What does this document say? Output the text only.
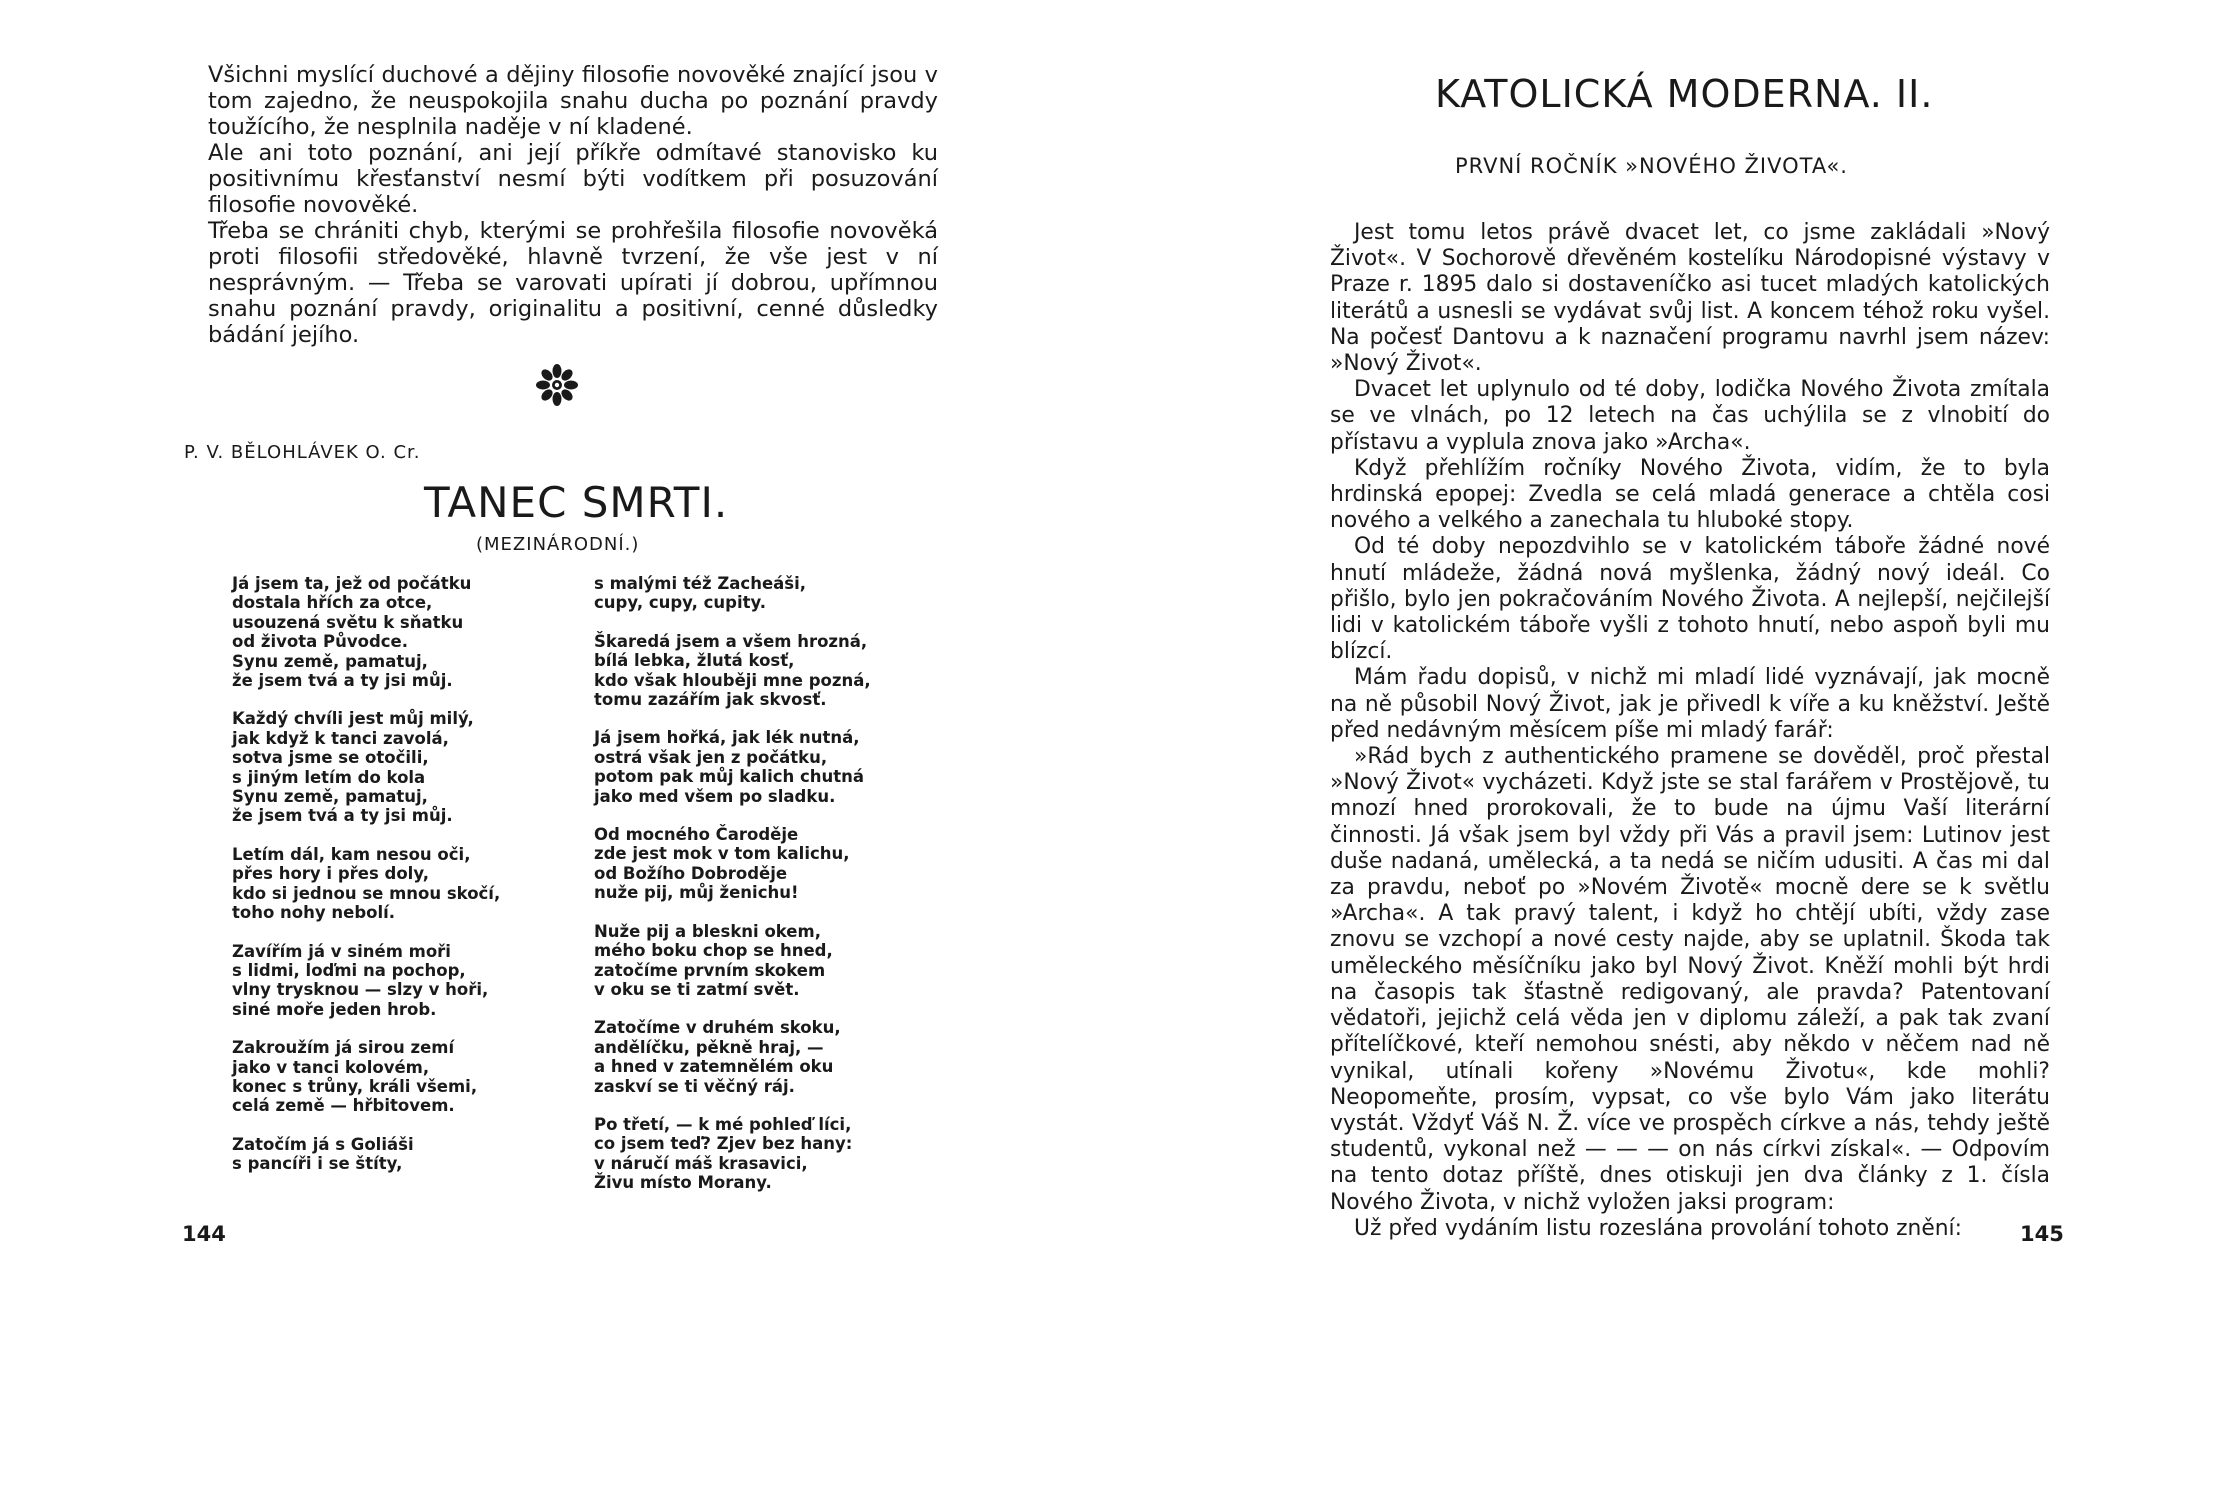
Všichni myslící duchové a dějiny filosofie novověké znající jsou v tom zajedno, že neuspokojila snahu ducha po poznání pravdy toužícího, že nesplnila naděje v ní kladené.

Ale ani toto poznání, ani její příkře odmítavé stanovisko ku positivnímu křesťanství nesmí býti vodítkem při posuzování filosofie novověké.

Třeba se chrániti chyb, kterými se prohřešila filosofie novověká proti filosofii středověké, hlavně tvrzení, že vše jest v ní nesprávným. — Třeba se varovati upírati jí dobrou, upřímnou snahu poznání pravdy, originalitu a positivní, cenné důsledky bádání jejího.

P. V. BĚLOHLÁVEK O. Cr.
TANEC SMRTI.
(MEZINÁRODNÍ.)
Já jsem ta, jež od počátku
dostala hřích za otce,
usouzená světu k sňatku
od života Původce.
Synu země, pamatuj,
že jsem tvá a ty jsi můj.
Každý chvíli jest můj milý,
jak když k tanci zavolá,
sotva jsme se otočili,
s jiným letím do kola
Synu země, pamatuj,
že jsem tvá a ty jsi můj.
Letím dál, kam nesou oči,
přes hory i přes doly,
kdo si jednou se mnou skočí,
toho nohy nebolí.
Zavířím já v siném moři
s lidmi, loďmi na pochop,
vlny trysknou — slzy v hoři,
siné moře jeden hrob.
Zakroužím já sirou zemí
jako v tanci kolovém,
konec s trůny, králi všemi,
celá země — hřbitovem.
Zatočím já s Goliáši
s pancíři i se štíty,
s malými též Zacheáši,
cupy, cupy, cupity.
Škaredá jsem a všem hrozná,
bílá lebka, žlutá kosť,
kdo však hlouběji mne pozná,
tomu zazářím jak skvosť.
Já jsem hořká, jak lék nutná,
ostrá však jen z počátku,
potom pak můj kalich chutná
jako med všem po sladku.
Od mocného Čaroděje
zde jest mok v tom kalichu,
od Božího Dobroděje
nuže pij, můj ženichu!
Nuže pij a bleskni okem,
mého boku chop se hned,
zatočíme prvním skokem
v oku se ti zatmí svět.
Zatočíme v druhém skoku,
andělíčku, pěkně hraj, —
a hned v zatemnělém oku
zaskví se ti věčný ráj.
Po třetí, — k mé pohleď líci,
co jsem teď? Zjev bez hany:
v náručí máš krasavici,
Živu místo Morany.
144
KATOLICKÁ MODERNA. II.
PRVNÍ ROČNÍK »NOVÉHO ŽIVOTA«.

Jest tomu letos právě dvacet let, co jsme zakládali »Nový Život«. V Sochorově dřevěném kostelíku Národopisné výstavy v Praze r. 1895 dalo si dostaveníčko asi tucet mladých katolických literátů a usnesli se vydávat svůj list. A koncem téhož roku vyšel. Na počesť Dantovu a k naznačení programu navrhl jsem název: »Nový Život«.

Dvacet let uplynulo od té doby, lodička Nového Života zmítala se ve vlnách, po 12 letech na čas uchýlila se z vlnobití do přístavu a vyplula znova jako »Archa«.

Když přehlížím ročníky Nového Života, vidím, že to byla hrdinská epopej: Zvedla se celá mladá generace a chtěla cosi nového a velkého a zanechala tu hluboké stopy.

Od té doby nepozdvihlo se v katolickém táboře žádné nové hnutí mládeže, žádná nová myšlenka, žádný nový ideál. Co přišlo, bylo jen pokračováním Nového Života. A nejlepší, nejčilejší lidi v katolickém táboře vyšli z tohoto hnutí, nebo aspoň byli mu blízcí.

Mám řadu dopisů, v nichž mi mladí lidé vyznávají, jak mocně na ně působil Nový Život, jak je přivedl k víře a ku kněžství. Ještě před nedávným měsícem píše mi mladý farář:

»Rád bych z authentického pramene se dověděl, proč přestal »Nový Život« vycházeti. Když jste se stal farářem v Prostějově, tu mnozí hned prorokovali, že to bude na újmu Vaší literární činnosti. Já však jsem byl vždy při Vás a pravil jsem: Lutinov jest duše nadaná, umělecká, a ta nedá se ničím udusiti. A čas mi dal za pravdu, neboť po »Novém Životě« mocně dere se k světlu »Archa«. A tak pravý talent, i když ho chtějí ubíti, vždy zase znovu se vzchopí a nové cesty najde, aby se uplatnil. Škoda tak uměleckého měsíčníku jako byl Nový Život. Kněží mohli být hrdi na časopis tak šťastně redigovaný, ale pravda? Patentovaní vědatoři, jejichž celá věda jen v diplomu záleží, a pak tak zvaní přítelíčkové, kteří nemohou snésti, aby někdo v něčem nad ně vynikal, utínali kořeny »Novému Životu«, kde mohli? Neopomeňte, prosím, vypsat, co vše bylo Vám jako literátu vystát. Vždyť Váš N. Ž. více ve prospěch církve a nás, tehdy ještě studentů, vykonal než — — — on nás církvi získal«. — Odpovím na tento dotaz příště, dnes otiskuji jen dva články z 1. čísla Nového Života, v nichž vyložen jaksi program:

Už před vydáním listu rozeslána provolání tohoto znění:	145
